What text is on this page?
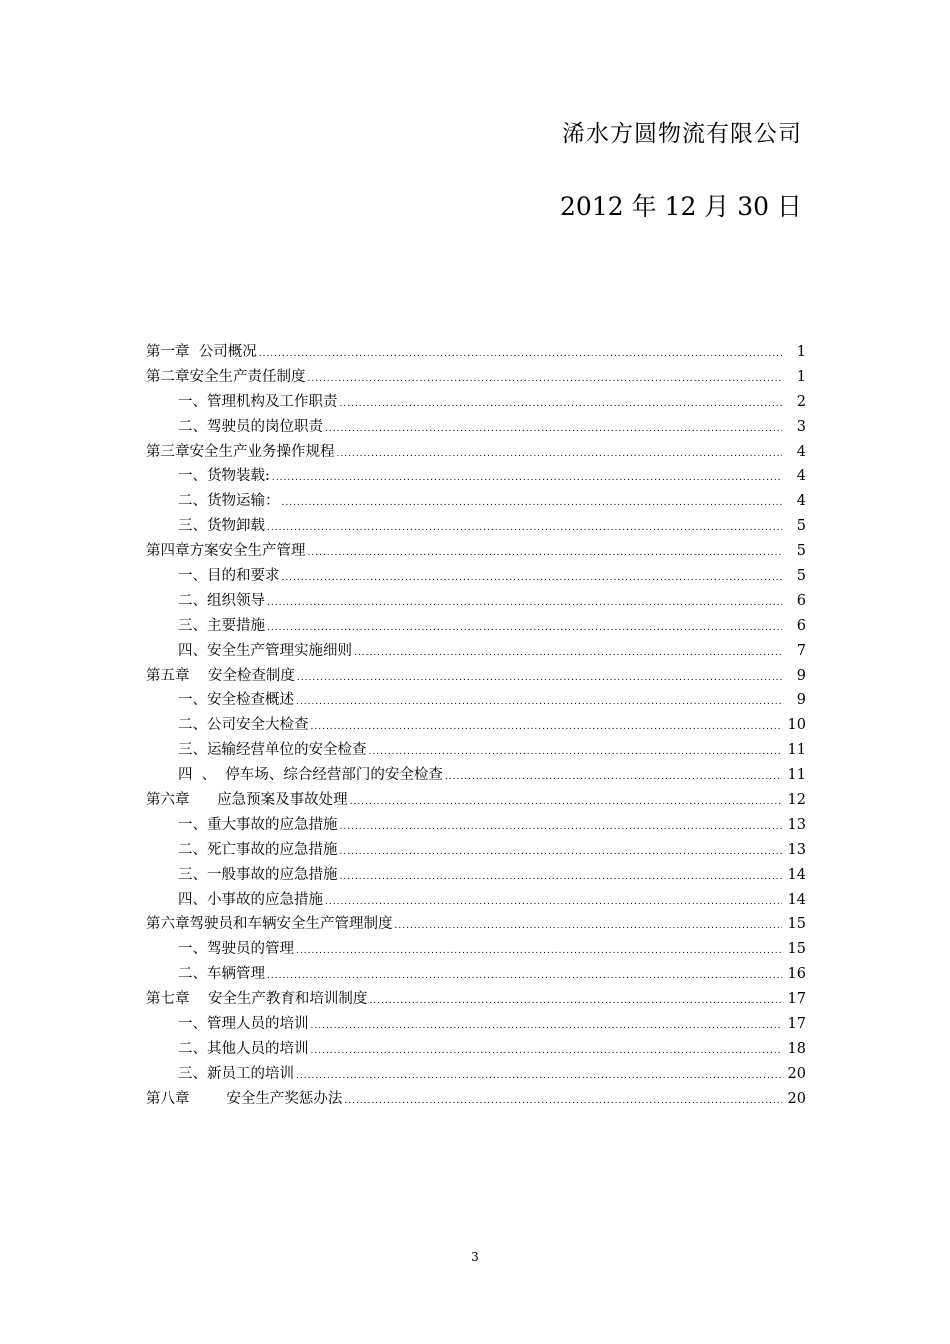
浠水方圆物流有限公司
2012 年 12 月 30 日
第一章  公司概况 .....	1
第二章安全生产责任制度 .....	1
一、管理机构及工作职责 .....	2
二、驾驶员的岗位职责 .....	3
第三章安全生产业务操作规程 .....	4
一、货物装载: .....	4
二、货物运输： .....	4
三、货物卸载 .....	5
第四章方案安全生产管理 .....	5
一、目的和要求 .....	5
二、组织领导 .....	6
三、主要措施 .....	6
四、安全生产管理实施细则 .....	7
第五章    安全检查制度 .....	9
一、安全检查概述 .....	9
二、公司安全大检查 .....	10
三、运输经营单位的安全检查 .....	11
四  、  停车场、综合经营部门的安全检查 .....	11
第六章      应急预案及事故处理 .....	12
一、重大事故的应急措施 .....	13
二、死亡事故的应急措施 .....	13
三、一般事故的应急措施 .....	14
四、小事故的应急措施 .....	14
第六章驾驶员和车辆安全生产管理制度 .....	15
一、驾驶员的管理 .....	15
二、车辆管理 .....	16
第七章    安全生产教育和培训制度 .....	17
一、管理人员的培训 .....	17
二、其他人员的培训 .....	18
三、新员工的培训 .....	20
第八章        安全生产奖惩办法 .....	20
3
